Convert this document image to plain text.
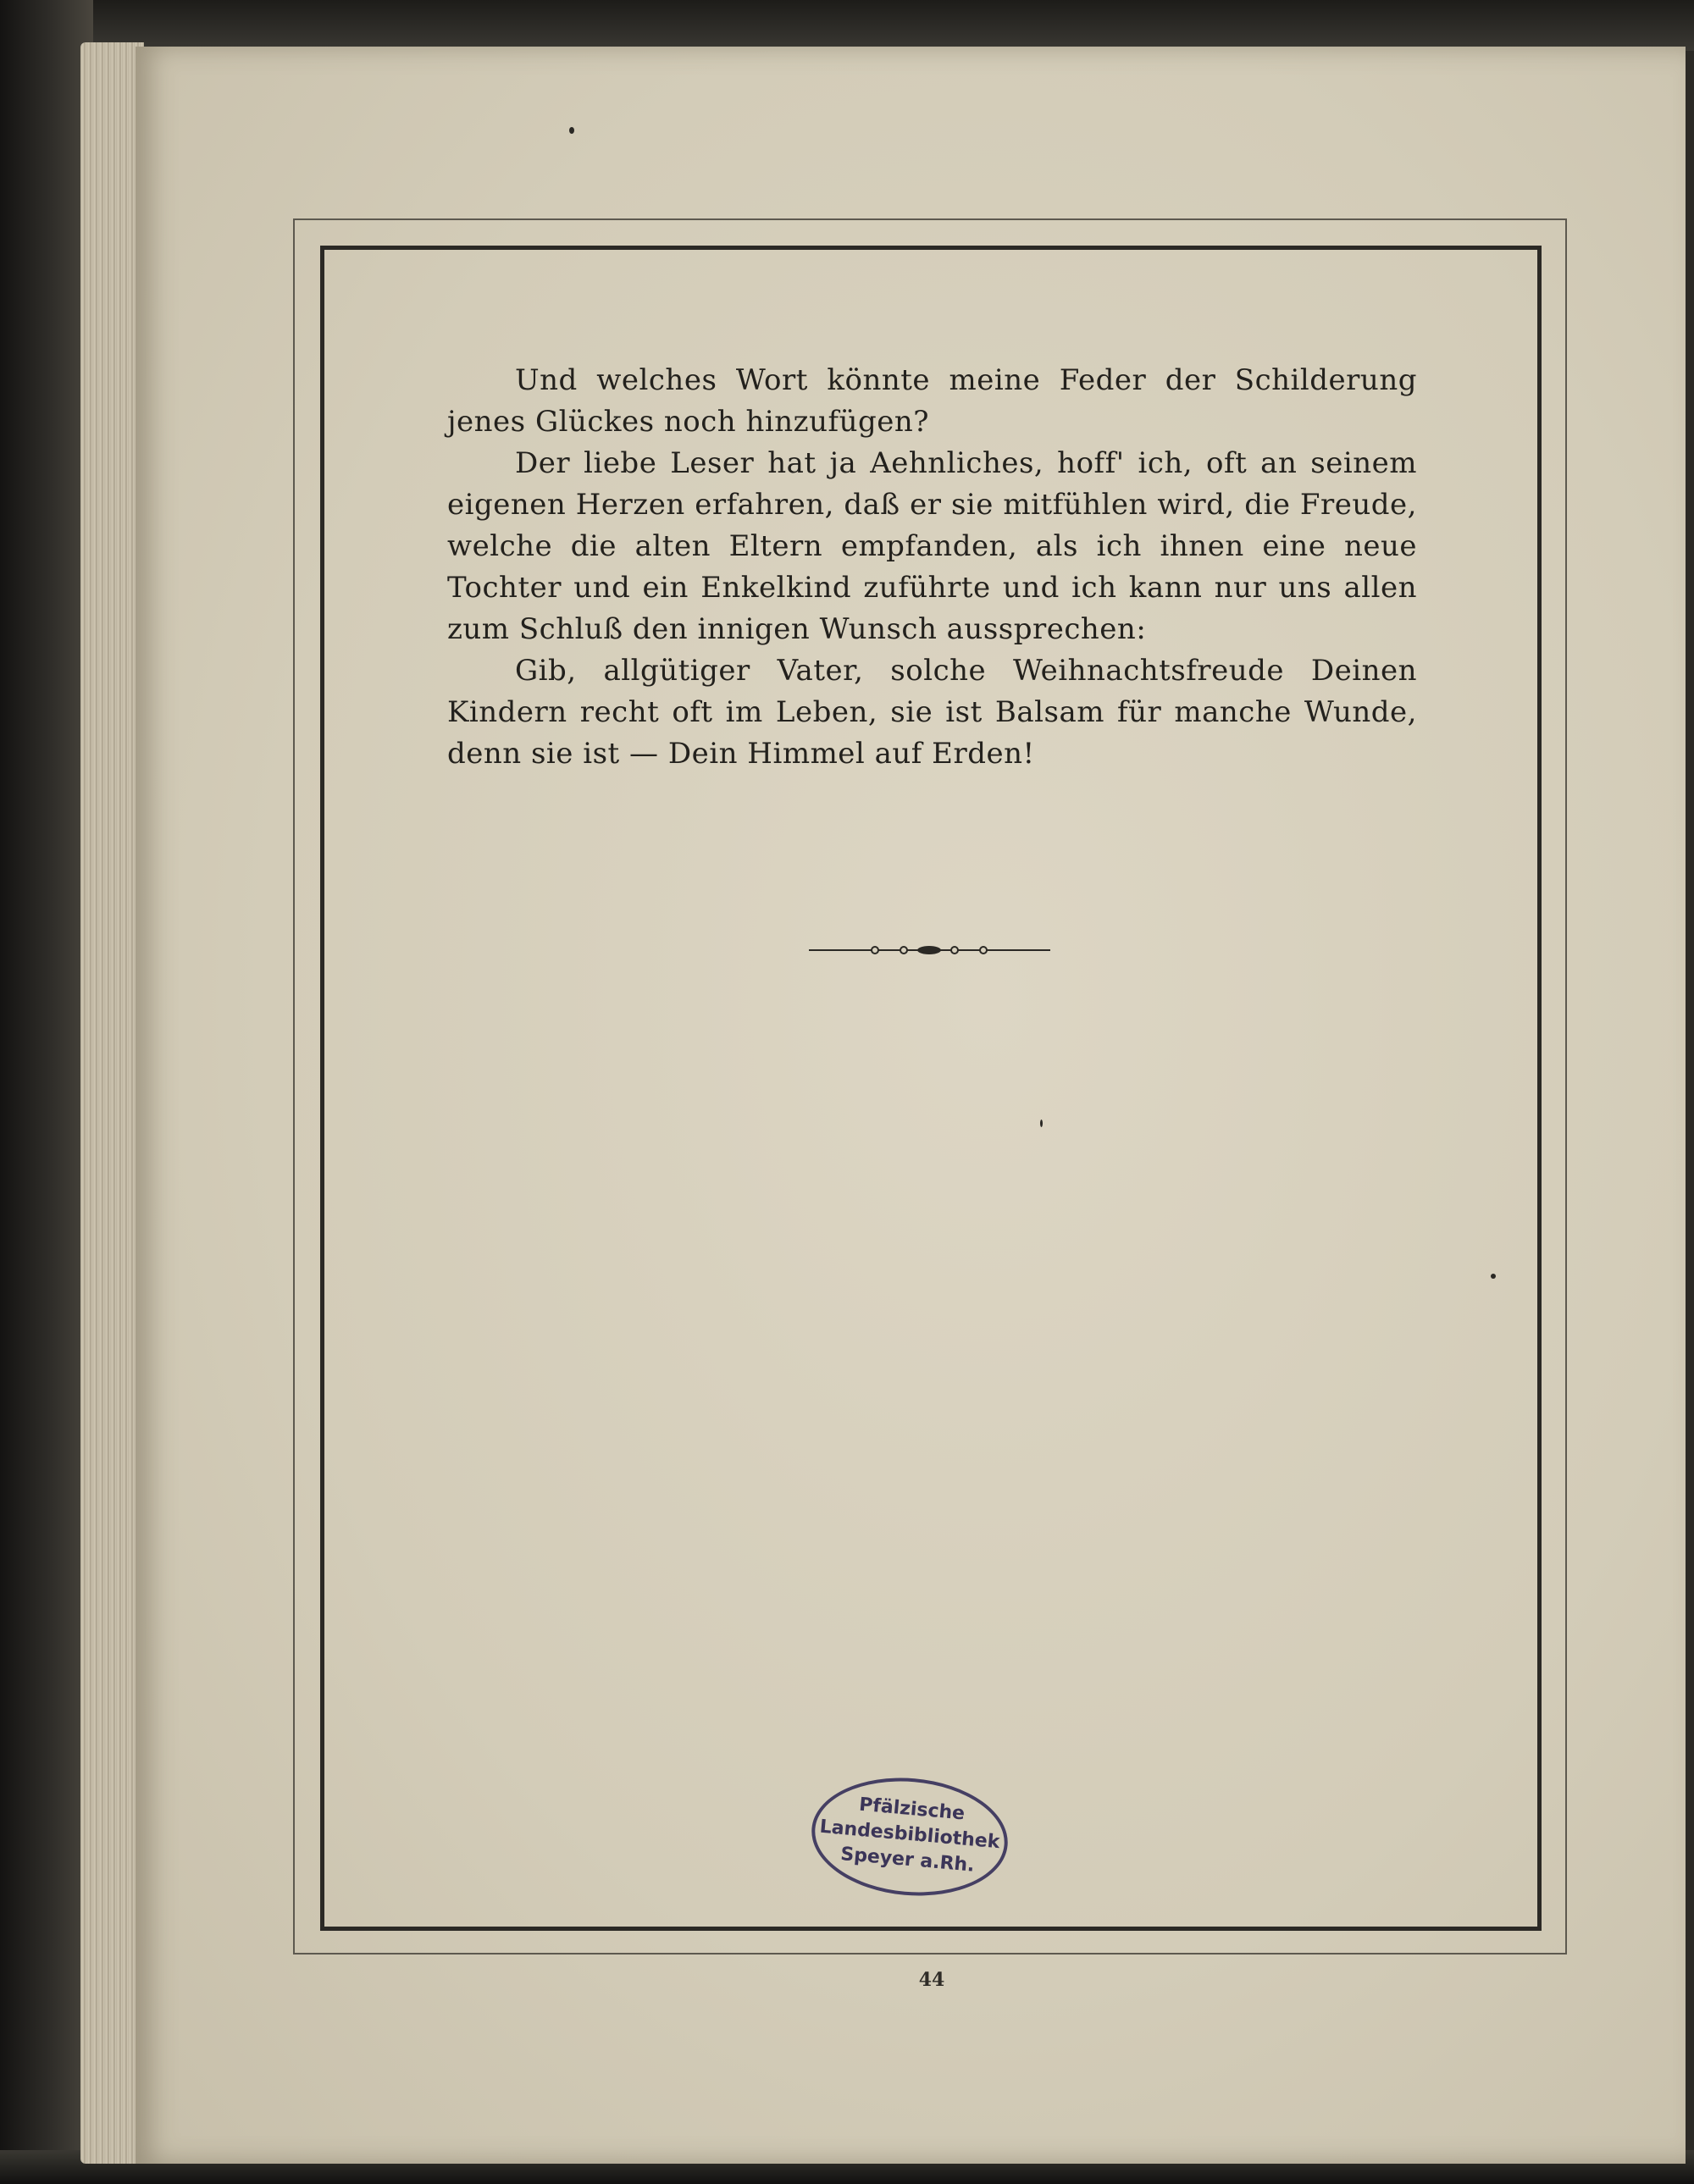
Und welches Wort könnte meine Feder der Schilderung jenes Glückes noch hinzufügen?

Der liebe Leser hat ja Aehnliches, hoff' ich, oft an seinem eigenen Herzen erfahren, daß er sie mitfühlen wird, die Freude, welche die alten Eltern empfanden, als ich ihnen eine neue Tochter und ein Enkelkind zuführte und ich kann nur uns allen zum Schluß den innigen Wunsch aussprechen:

Gib, allgütiger Vater, solche Weihnachtsfreude Deinen Kindern recht oft im Leben, sie ist Balsam für manche Wunde, denn sie ist — Dein Himmel auf Erden!

Pfälzische
Landesbibliothek
Speyer a.Rh.
44
